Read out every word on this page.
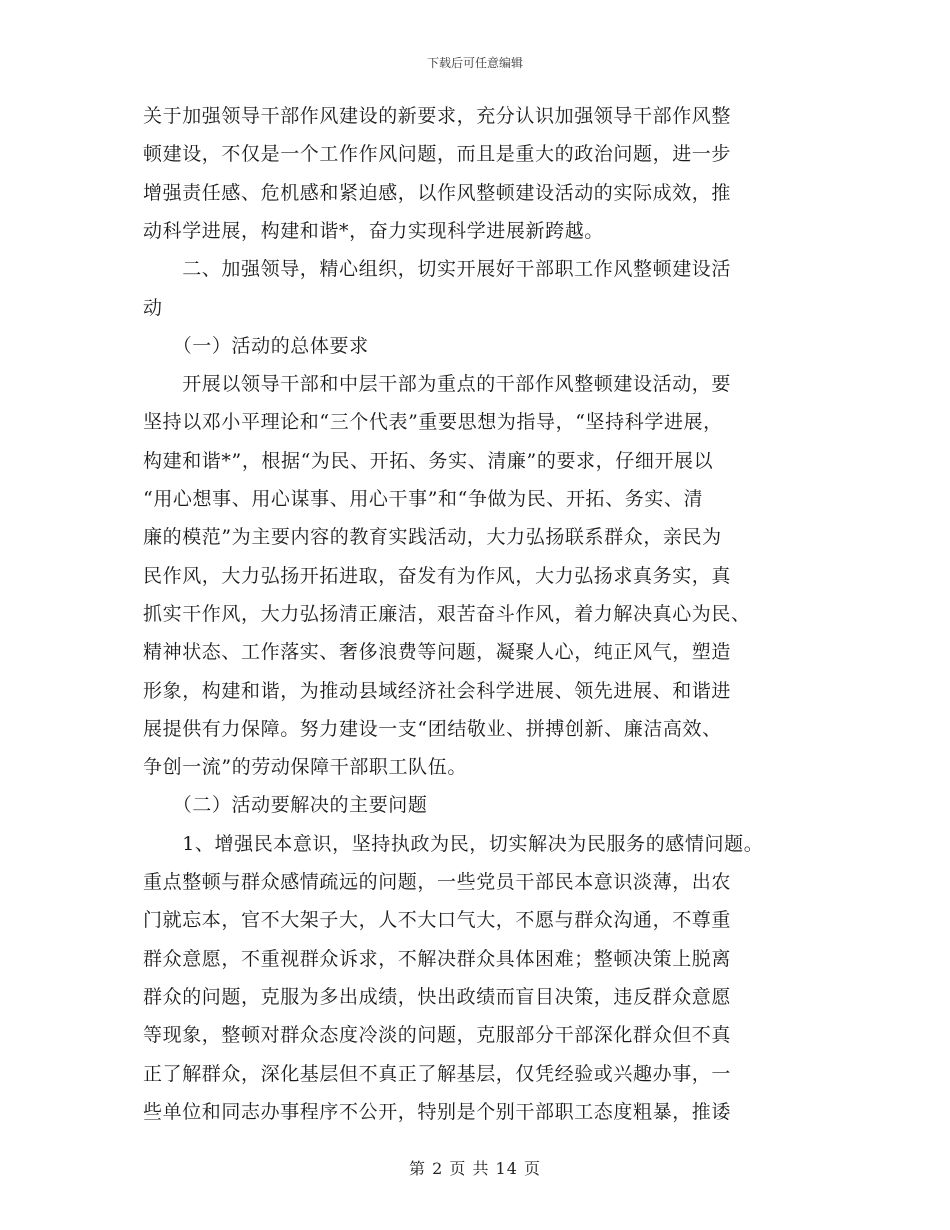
下载后可任意编辑
关于加强领导干部作风建设的新要求，充分认识加强领导干部作风整
顿建设，不仅是一个工作作风问题，而且是重大的政治问题，进一步
增强责任感、危机感和紧迫感，以作风整顿建设活动的实际成效，推
动科学进展，构建和谐*，奋力实现科学进展新跨越。
　　二、加强领导，精心组织，切实开展好干部职工作风整顿建设活
动
　　（一）活动的总体要求
　　开展以领导干部和中层干部为重点的干部作风整顿建设活动，要
坚持以邓小平理论和“三个代表”重要思想为指导，“坚持科学进展，
构建和谐*”，根据“为民、开拓、务实、清廉”的要求，仔细开展以
“用心想事、用心谋事、用心干事”和“争做为民、开拓、务实、清
廉的模范”为主要内容的教育实践活动，大力弘扬联系群众，亲民为
民作风，大力弘扬开拓进取，奋发有为作风，大力弘扬求真务实，真
抓实干作风，大力弘扬清正廉洁，艰苦奋斗作风，着力解决真心为民、
精神状态、工作落实、奢侈浪费等问题，凝聚人心，纯正风气，塑造
形象，构建和谐，为推动县域经济社会科学进展、领先进展、和谐进
展提供有力保障。努力建设一支“团结敬业、拼搏创新、廉洁高效、
争创一流”的劳动保障干部职工队伍。
　　（二）活动要解决的主要问题
　　1、增强民本意识，坚持执政为民，切实解决为民服务的感情问题。
重点整顿与群众感情疏远的问题，一些党员干部民本意识淡薄，出农
门就忘本，官不大架子大，人不大口气大，不愿与群众沟通，不尊重
群众意愿，不重视群众诉求，不解决群众具体困难；整顿决策上脱离
群众的问题，克服为多出成绩，快出政绩而盲目决策，违反群众意愿
等现象，整顿对群众态度冷淡的问题，克服部分干部深化群众但不真
正了解群众，深化基层但不真正了解基层，仅凭经验或兴趣办事，一
些单位和同志办事程序不公开，特别是个别干部职工态度粗暴，推诿
第 2 页 共 14 页
